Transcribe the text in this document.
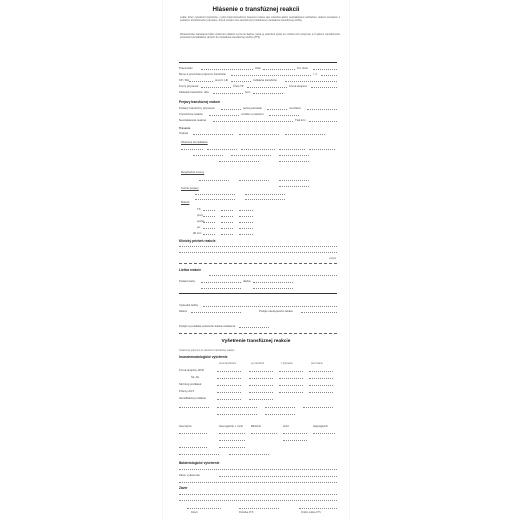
Hlásenie o transfúznej reakcii
Lekár, ktorý vyhodnotí transfúziu, v jeho bezprostrednom časovom úseku ako závažnú alebo neočakávanú nežiaducu reakciu súvisiacu s podaním transfúzneho prípravku, ihneď oznámi túto skutočnosť príslušnému zariadeniu transfúznej služby.
Zdravotnícke zariadenie hlási vzniknutú udalosť na tomto tlačive, ktoré je potrebné spolu so vzorkou krvi príjemcu a zvyškom transfúzneho prípravku bezodkladne doručiť do zariadenia transfúznej služby (ZTS).
Pracovisko	Odd.	Tel. číslo
Meno a priezvisko príjemcu transfúzie	r. č.
KP / RH	pred tr. Hb	Indikácia transfúzie
Krvný prípravok	Číslo TP	Krvná skupina
Začiatok transfúzie: dňa	hod.
Prejavy transfúznej reakcie
Podaný transfúzny prípravok	počet jednotiek	množstvo
Transfúzna reakcia	vznikla v priebehu
Neočakávaná reakcia	Tlak krvi
Trasenie
Teplota
Obehové komplikácie
Respiračné zmeny
Kožné prejavy
Bolesti
TK
pred
počas
po
90 min
Klinický priebeh reakcie
podpis
Liečba reakcie
Podané lieky	dávka
Výsledok liečby
Dátum	Podpis ošetrujúceho lekára
Podpis a pečiatka vedúceho lekára oddelenia
Vyšetrenie transfúznej reakcie
Vyšetrenie príjemcu po ukončení transfúznej reakcie
Imunohematologické vyšetrenie
pred transfúziou	po transfúzii	z prípravku	porovnanie
Krvná skupina, RhD
Sk. Ab.
Skríning protilátok
Priamy AGT
Identifikácia protilátok
Hemolýza	Hemoglobín v moči	Bilirubín	LDH	Haptoglobín
Bakteriologické vyšetrenie
Záver vyšetrenia
Záver
Dátum	Pečiatka ZTS	Podpis lekára ZTS
